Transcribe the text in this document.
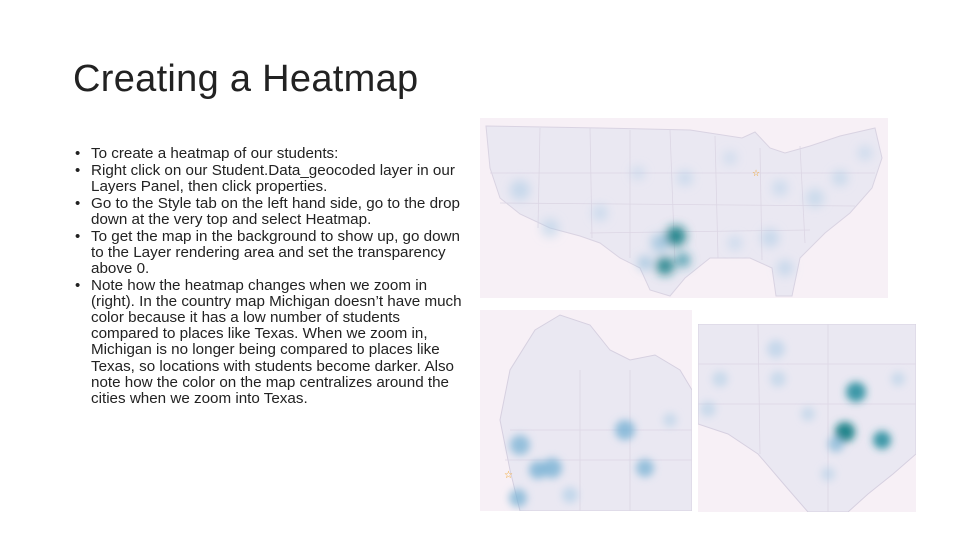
Creating a Heatmap
• To create a heatmap of our students:
• Right click on our Student.Data_geocoded layer in our Layers Panel, then click properties.
• Go to the Style tab on the left hand side, go to the drop down at the very top and select Heatmap.
• To get the map in the background to show up, go down to the Layer rendering area and set the transparency above 0.
• Note how the heatmap changes when we zoom in (right). In the country map Michigan doesn’t have much color because it has a low number of students compared to places like Texas. When we zoom in, Michigan is no longer being compared to places like Texas, so locations with students become darker. Also note how the color on the map centralizes around the cities when we zoom into Texas.
☆
☆
